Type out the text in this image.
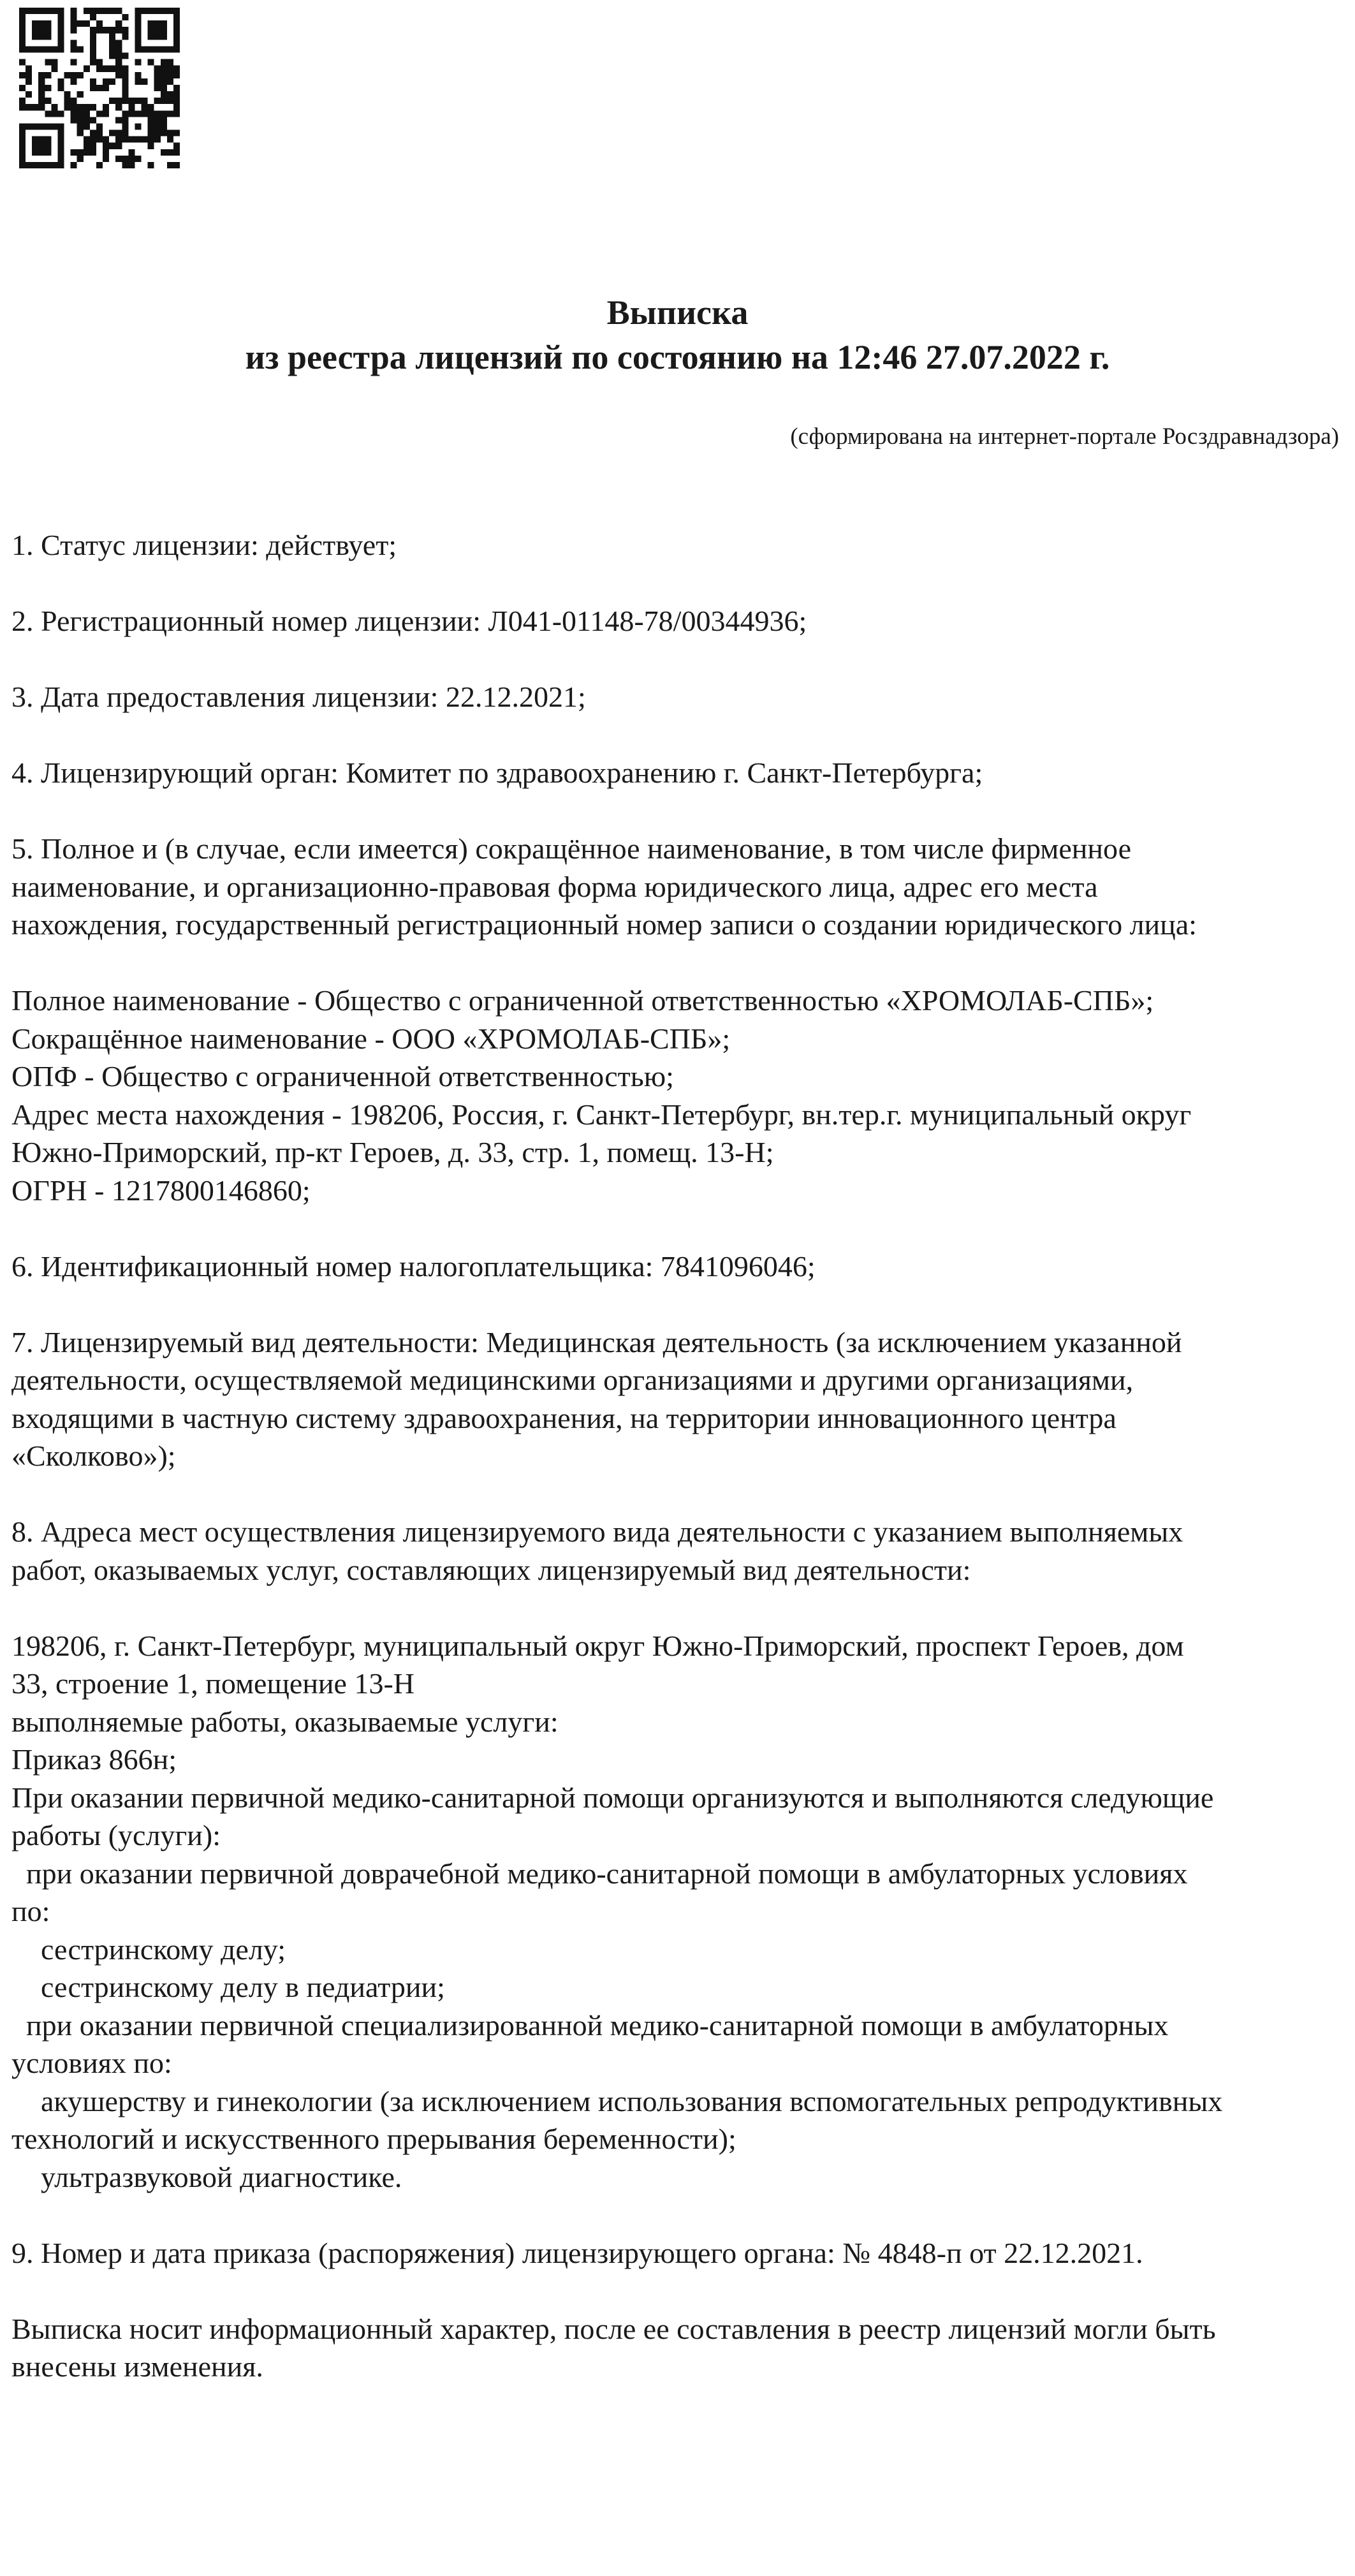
Выписка
из реестра лицензий по состоянию на 12:46 27.07.2022 г.
(сформирована на интернет-портале Росздравнадзора)
1. Статус лицензии: действует;
2. Регистрационный номер лицензии: Л041-01148-78/00344936;
3. Дата предоставления лицензии: 22.12.2021;
4. Лицензирующий орган: Комитет по здравоохранению г. Санкт-Петербурга;
5. Полное и (в случае, если имеется) сокращённое наименование, в том числе фирменное
наименование, и организационно-правовая форма юридического лица, адрес его места
нахождения, государственный регистрационный номер записи о создании юридического лица:
Полное наименование - Общество с ограниченной ответственностью «ХРОМОЛАБ-СПБ»;
Сокращённое наименование - ООО «ХРОМОЛАБ-СПБ»;
ОПФ - Общество с ограниченной ответственностью;
Адрес места нахождения - 198206, Россия, г. Санкт-Петербург, вн.тер.г. муниципальный округ
Южно-Приморский, пр-кт Героев, д. 33, стр. 1, помещ. 13-Н;
ОГРН - 1217800146860;
6. Идентификационный номер налогоплательщика: 7841096046;
7. Лицензируемый вид деятельности: Медицинская деятельность (за исключением указанной
деятельности, осуществляемой медицинскими организациями и другими организациями,
входящими в частную систему здравоохранения, на территории инновационного центра
«Сколково»);
8. Адреса мест осуществления лицензируемого вида деятельности с указанием выполняемых
работ, оказываемых услуг, составляющих лицензируемый вид деятельности:
198206, г. Санкт-Петербург, муниципальный округ Южно-Приморский, проспект Героев, дом
33, строение 1, помещение 13-Н
выполняемые работы, оказываемые услуги:
Приказ 866н;
При оказании первичной медико-санитарной помощи организуются и выполняются следующие
работы (услуги):
при оказании первичной доврачебной медико-санитарной помощи в амбулаторных условиях
по:
сестринскому делу;
сестринскому делу в педиатрии;
при оказании первичной специализированной медико-санитарной помощи в амбулаторных
условиях по:
акушерству и гинекологии (за исключением использования вспомогательных репродуктивных
технологий и искусственного прерывания беременности);
ультразвуковой диагностике.
9. Номер и дата приказа (распоряжения) лицензирующего органа: № 4848-п от 22.12.2021.
Выписка носит информационный характер, после ее составления в реестр лицензий могли быть
внесены изменения.
